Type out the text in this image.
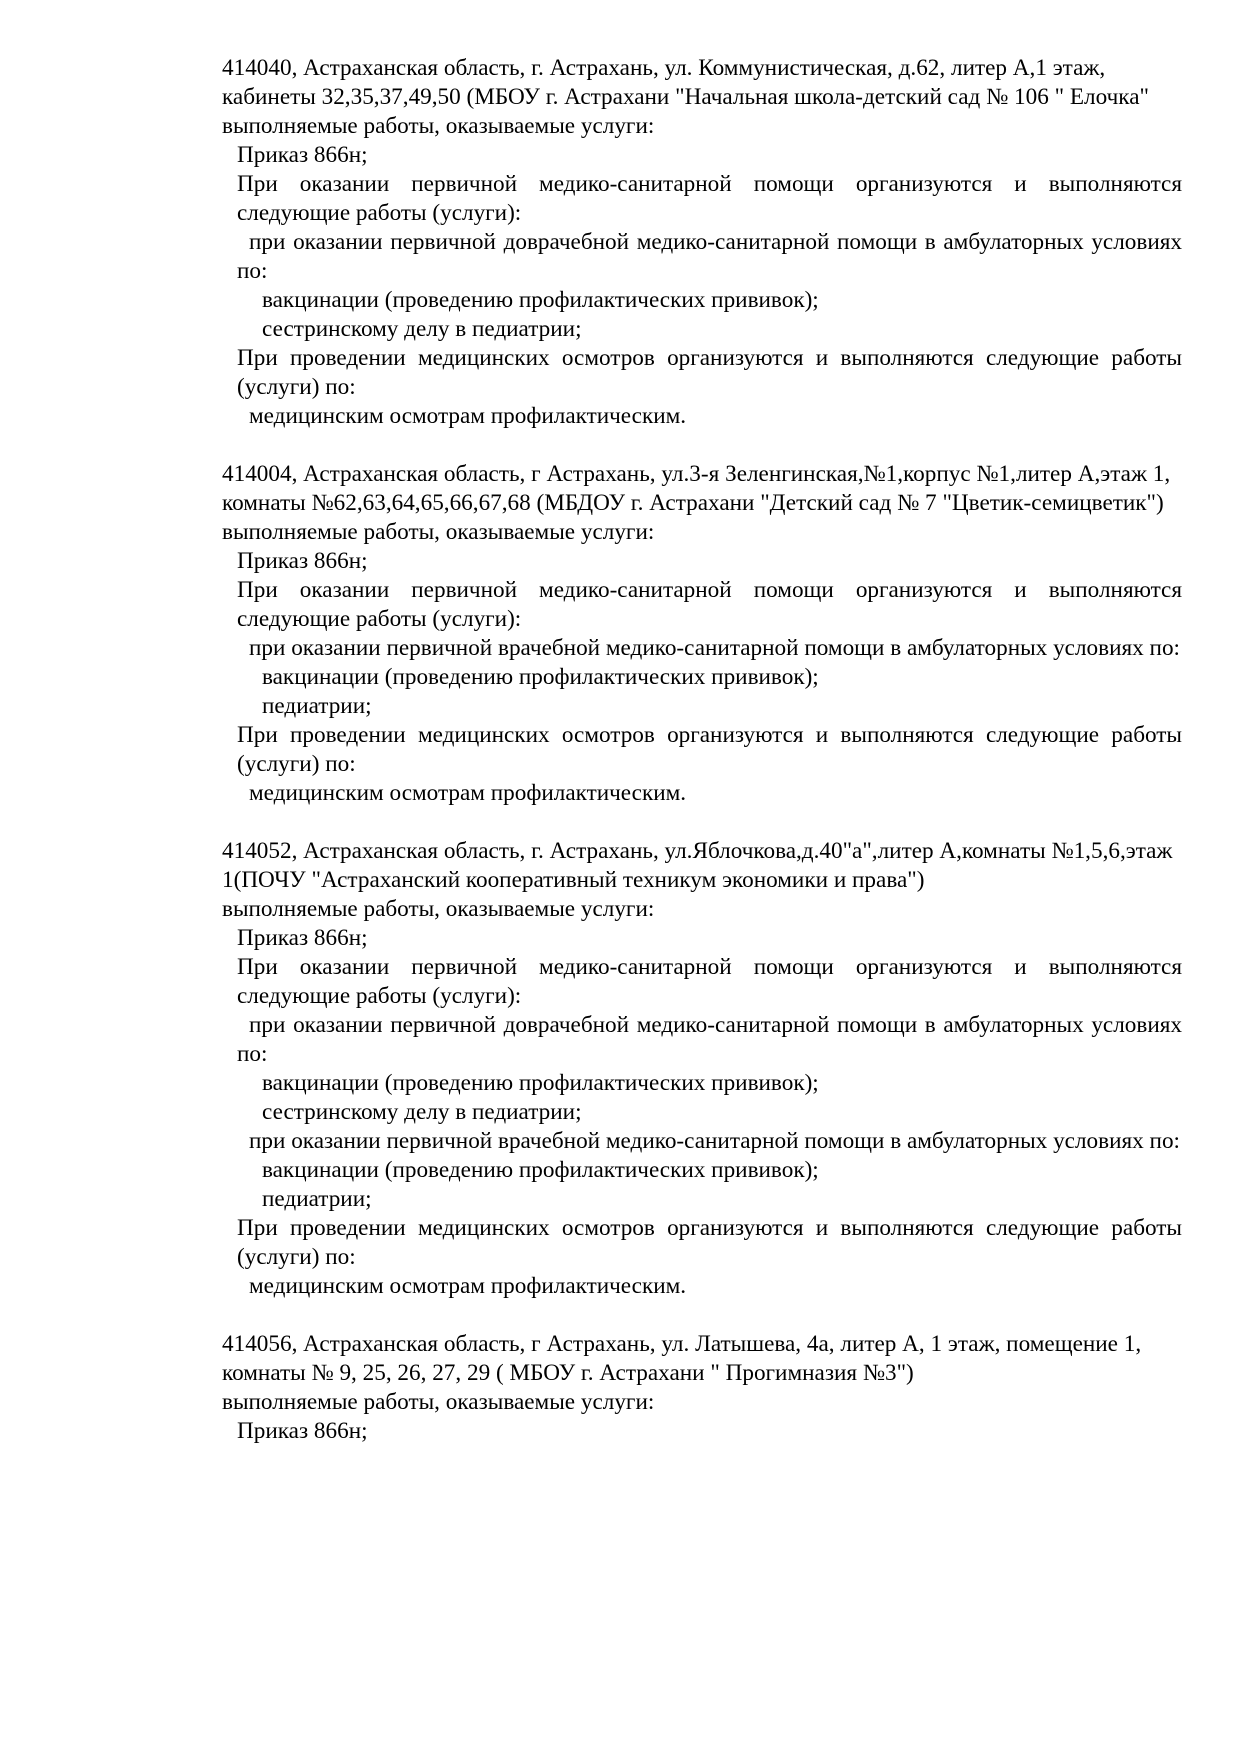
414040, Астраханская область, г. Астрахань, ул. Коммунистическая, д.62, литер А,1 этаж, кабинеты 32,35,37,49,50 (МБОУ г. Астрахани "Начальная школа-детский сад № 106 " Елочка"

выполняемые работы, оказываемые услуги:

Приказ 866н;

При оказании первичной медико-санитарной помощи организуются и выполняются следующие работы (услуги):

при оказании первичной доврачебной медико-санитарной помощи в амбулаторных условиях по:

вакцинации (проведению профилактических прививок);

сестринскому делу в педиатрии;

При проведении медицинских осмотров организуются и выполняются следующие работы (услуги) по:

медицинским осмотрам профилактическим.

414004, Астраханская область, г Астрахань, ул.3-я Зеленгинская,№1,корпус №1,литер А,этаж 1, комнаты №62,63,64,65,66,67,68 (МБДОУ г. Астрахани "Детский сад № 7 "Цветик-семицветик")

выполняемые работы, оказываемые услуги:

Приказ 866н;

При оказании первичной медико-санитарной помощи организуются и выполняются следующие работы (услуги):

при оказании первичной врачебной медико-санитарной помощи в амбулаторных условиях по:

вакцинации (проведению профилактических прививок);

педиатрии;

При проведении медицинских осмотров организуются и выполняются следующие работы (услуги) по:

медицинским осмотрам профилактическим.

414052, Астраханская область, г. Астрахань, ул.Яблочкова,д.40"а",литер А,комнаты №1,5,6,этаж 1(ПОЧУ "Астраханский кооперативный техникум экономики и права")

выполняемые работы, оказываемые услуги:

Приказ 866н;

При оказании первичной медико-санитарной помощи организуются и выполняются следующие работы (услуги):

при оказании первичной доврачебной медико-санитарной помощи в амбулаторных условиях по:

вакцинации (проведению профилактических прививок);

сестринскому делу в педиатрии;

при оказании первичной врачебной медико-санитарной помощи в амбулаторных условиях по:

вакцинации (проведению профилактических прививок);

педиатрии;

При проведении медицинских осмотров организуются и выполняются следующие работы (услуги) по:

медицинским осмотрам профилактическим.

414056, Астраханская область, г Астрахань, ул. Латышева, 4а, литер А, 1 этаж, помещение 1, комнаты № 9, 25, 26, 27, 29 ( МБОУ г. Астрахани " Прогимназия №3")

выполняемые работы, оказываемые услуги:

Приказ 866н;
